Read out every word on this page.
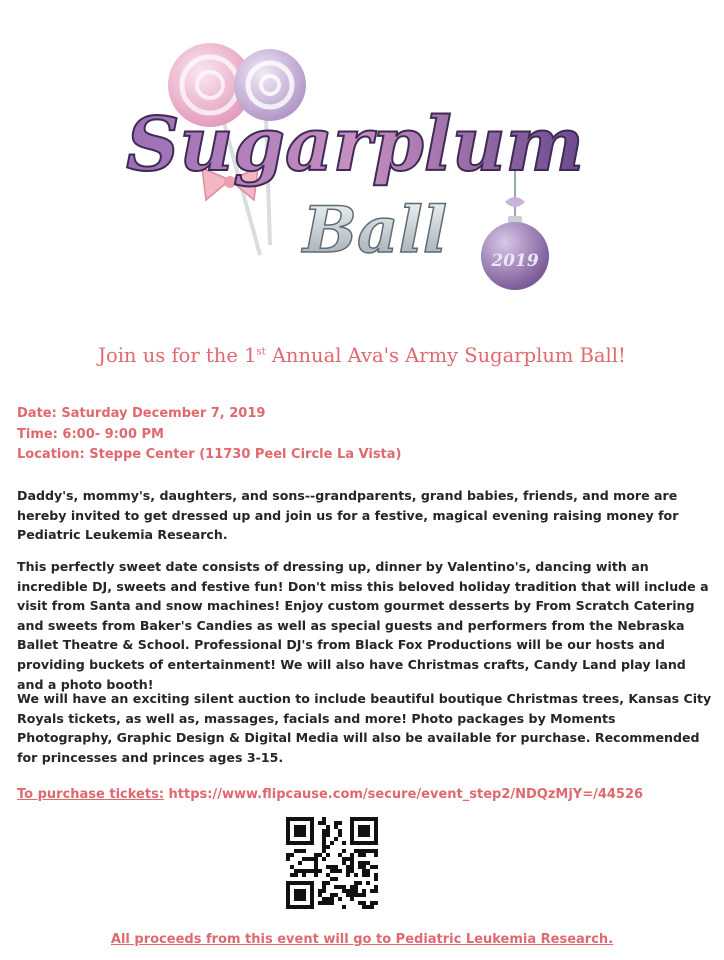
2019
Sugarplum
Ball
Join us for the 1st Annual Ava's Army Sugarplum Ball!
Date: Saturday December 7, 2019
Time: 6:00- 9:00 PM
Location: Steppe Center (11730 Peel Circle La Vista)

Daddy's, mommy's, daughters, and sons--grandparents, grand babies, friends, and more are hereby invited to get dressed up and join us for a festive, magical evening raising money for Pediatric Leukemia Research.

This perfectly sweet date consists of dressing up, dinner by Valentino's, dancing with an incredible DJ, sweets and festive fun! Don't miss this beloved holiday tradition that will include a visit from Santa and snow machines! Enjoy custom gourmet desserts by From Scratch Catering and sweets from Baker's Candies as well as special guests and performers from the Nebraska Ballet Theatre & School. Professional DJ's from Black Fox Productions will be our hosts and providing buckets of entertainment! We will also have Christmas crafts, Candy Land play land and a photo booth!

We will have an exciting silent auction to include beautiful boutique Christmas trees, Kansas City Royals tickets, as well as, massages, facials and more! Photo packages by Moments Photography, Graphic Design & Digital Media will also be available for purchase. Recommended for princesses and princes ages 3-15.

To purchase tickets: https://www.flipcause.com/secure/event_step2/NDQzMjY=/44526
All proceeds from this event will go to Pediatric Leukemia Research.
